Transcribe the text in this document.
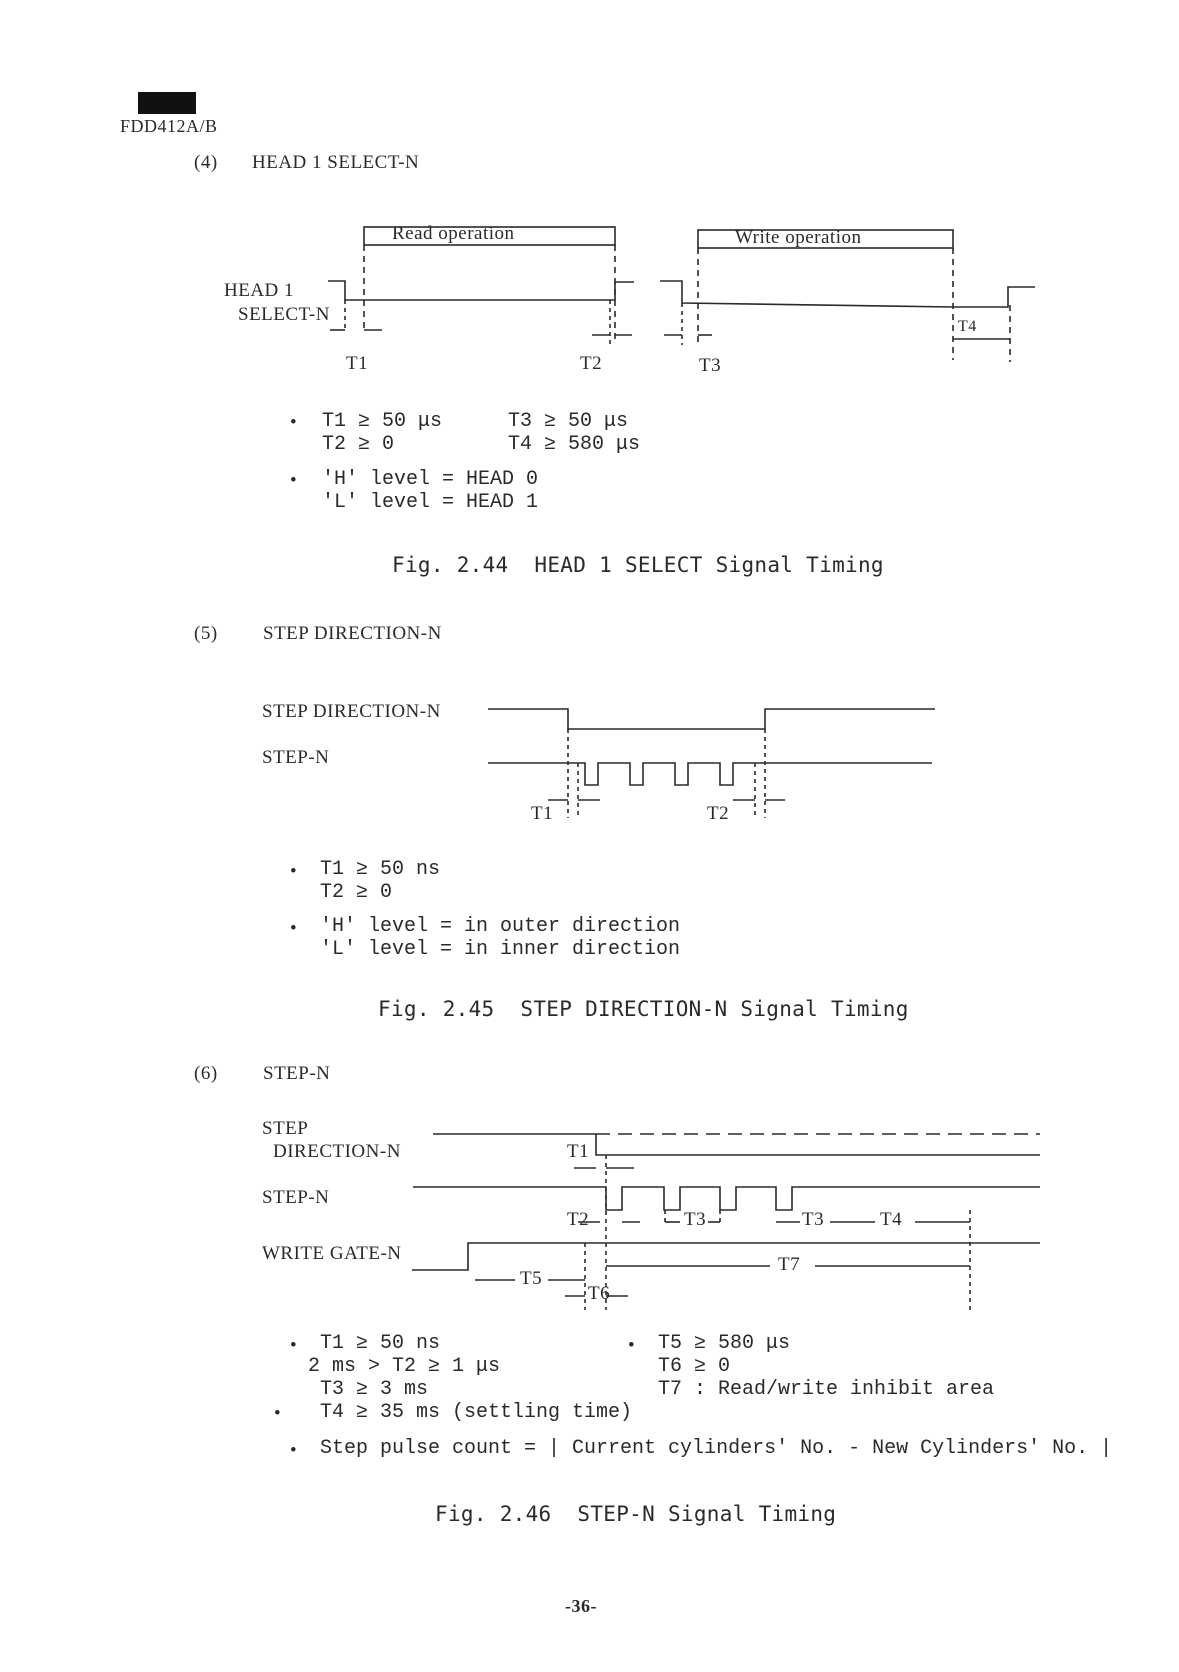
FDD412A/B
(4) HEAD 1 SELECT-N
Read operation	Write operation
HEAD 1
SELECT-N
T1	T2	T3
T4
• T1 ≥ 50 μs
T2 ≥ 0
T3 ≥ 50 μs
T4 ≥ 580 μs
• 'H' level = HEAD 0
'L' level = HEAD 1
Fig. 2.44  HEAD 1 SELECT Signal Timing
(5) STEP DIRECTION-N
STEP DIRECTION-N
STEP-N
T1	T2
• T1 ≥ 50 ns
T2 ≥ 0
• 'H' level = in outer direction
'L' level = in inner direction
Fig. 2.45  STEP DIRECTION-N Signal Timing
(6) STEP-N
STEP
DIRECTION-N
STEP-N
WRITE GATE-N
T1
T2	T3	T3	T4
T5
T6
T7
• T1 ≥ 50 ns
2 ms > T2 ≥ 1 μs
T3 ≥ 3 ms
• T4 ≥ 35 ms (settling time)
• T5 ≥ 580 μs
T6 ≥ 0
T7 : Read/write inhibit area
• Step pulse count = | Current cylinders' No. - New Cylinders' No. |
Fig. 2.46  STEP-N Signal Timing
-36-
